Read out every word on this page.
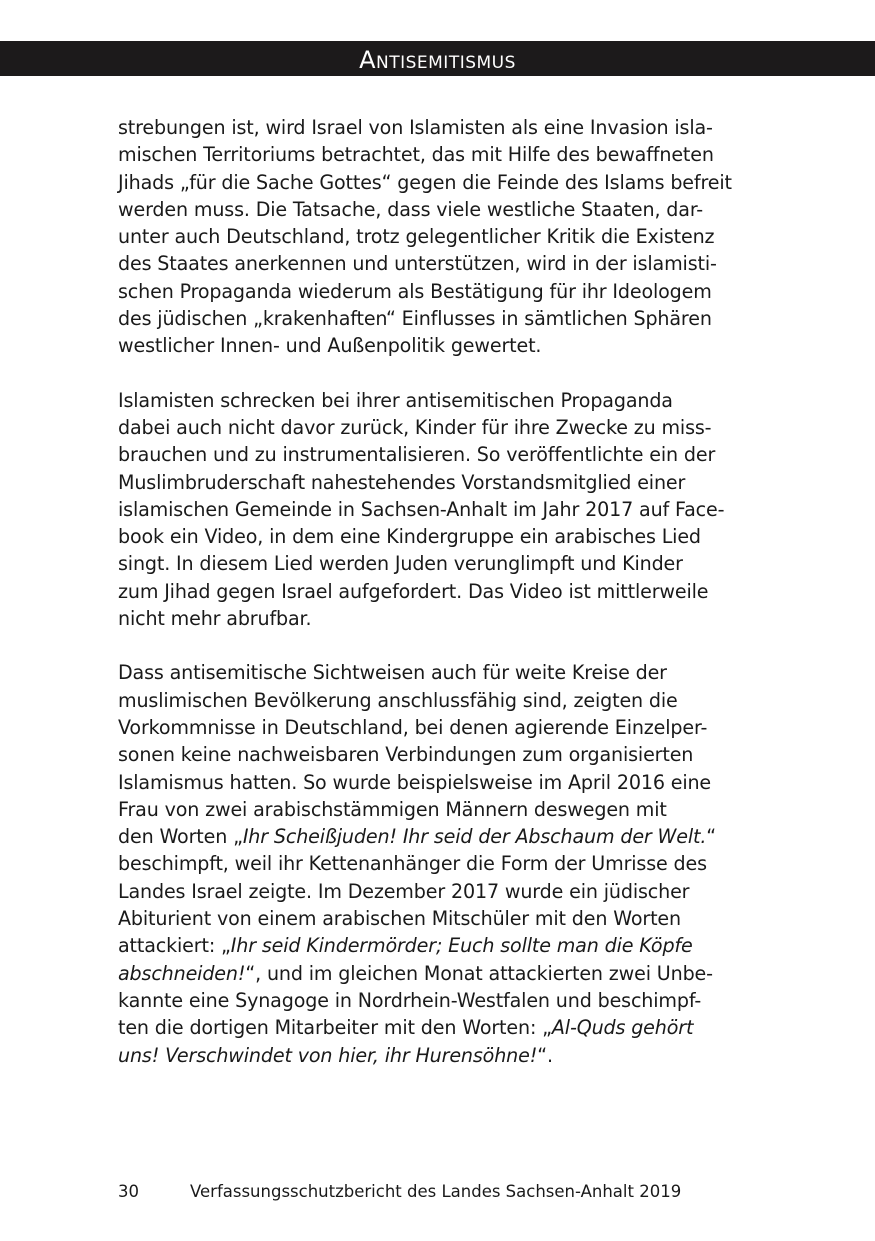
Antisemitismus

strebungen ist, wird Israel von Islamisten als eine Invasion isla-
mischen Territoriums betrachtet, das mit Hilfe des bewaffneten
Jihads „für die Sache Gottes“ gegen die Feinde des Islams befreit
werden muss. Die Tatsache, dass viele westliche Staaten, dar-
unter auch Deutschland, trotz gelegentlicher Kritik die Existenz
des Staates anerkennen und unterstützen, wird in der islamisti-
schen Propaganda wiederum als Bestätigung für ihr Ideologem
des jüdischen „krakenhaften“ Einflusses in sämtlichen Sphären
westlicher Innen- und Außenpolitik gewertet.

Islamisten schrecken bei ihrer antisemitischen Propaganda
dabei auch nicht davor zurück, Kinder für ihre Zwecke zu miss-
brauchen und zu instrumentalisieren. So veröffentlichte ein der
Muslimbruderschaft nahestehendes Vorstandsmitglied einer
islamischen Gemeinde in Sachsen-Anhalt im Jahr 2017 auf Face-
book ein Video, in dem eine Kindergruppe ein arabisches Lied
singt. In diesem Lied werden Juden verunglimpft und Kinder
zum Jihad gegen Israel aufgefordert. Das Video ist mittlerweile
nicht mehr abrufbar.

Dass antisemitische Sichtweisen auch für weite Kreise der
muslimischen Bevölkerung anschlussfähig sind, zeigten die
Vorkommnisse in Deutschland, bei denen agierende Einzelper-
sonen keine nachweisbaren Verbindungen zum organisierten
Islamismus hatten. So wurde beispielsweise im April 2016 eine
Frau von zwei arabischstämmigen Männern deswegen mit
den Worten „Ihr Scheißjuden! Ihr seid der Abschaum der Welt.“
beschimpft, weil ihr Kettenanhänger die Form der Umrisse des
Landes Israel zeigte. Im Dezember 2017 wurde ein jüdischer
Abiturient von einem arabischen Mitschüler mit den Worten
attackiert: „Ihr seid Kindermörder; Euch sollte man die Köpfe
abschneiden!“, und im gleichen Monat attackierten zwei Unbe-
kannte eine Synagoge in Nordrhein-Westfalen und beschimpf-
ten die dortigen Mitarbeiter mit den Worten: „Al-Quds gehört
uns! Verschwindet von hier, ihr Hurensöhne!“.

30	Verfassungsschutzbericht des Landes Sachsen-Anhalt 2019
